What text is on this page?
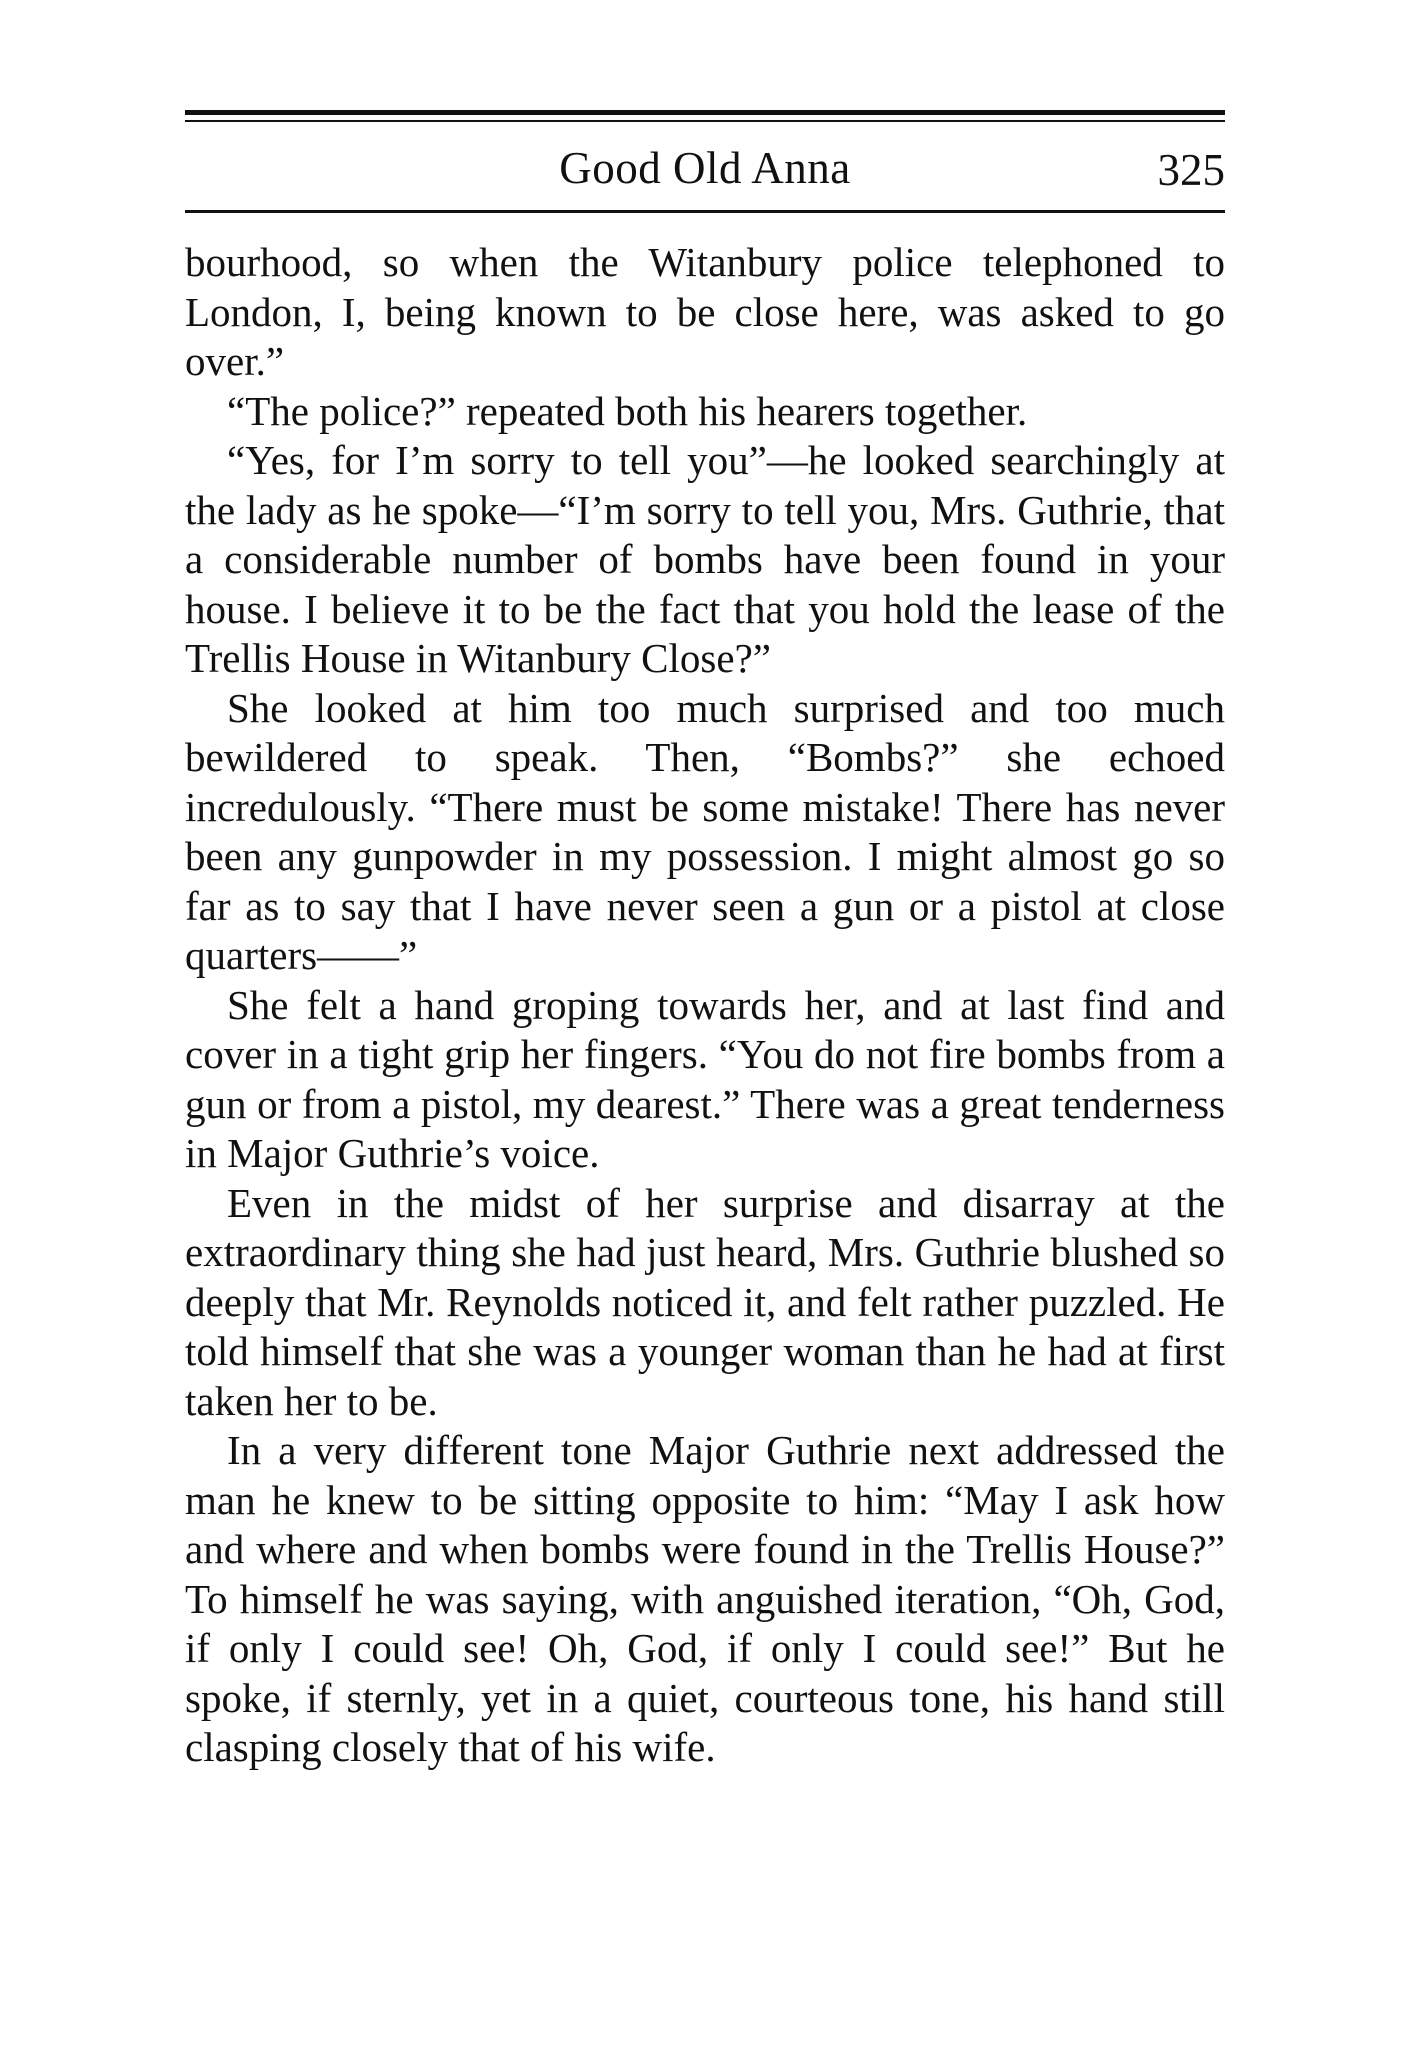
Good Old Anna	325

bourhood, so when the Witanbury police telephoned to London, I, being known to be close here, was asked to go over.”

“The police?” repeated both his hearers together.

“Yes, for I’m sorry to tell you”—he looked searchingly at the lady as he spoke—“I’m sorry to tell you, Mrs. Guthrie, that a considerable number of bombs have been found in your house. I believe it to be the fact that you hold the lease of the Trellis House in Witanbury Close?”

She looked at him too much surprised and too much bewildered to speak. Then, “Bombs?” she echoed incredulously. “There must be some mistake! There has never been any gunpowder in my possession. I might almost go so far as to say that I have never seen a gun or a pistol at close quarters——”

She felt a hand groping towards her, and at last find and cover in a tight grip her fingers. “You do not fire bombs from a gun or from a pistol, my dearest.” There was a great tenderness in Major Guthrie’s voice.

Even in the midst of her surprise and disarray at the extraordinary thing she had just heard, Mrs. Guthrie blushed so deeply that Mr. Reynolds noticed it, and felt rather puzzled. He told himself that she was a younger woman than he had at first taken her to be.

In a very different tone Major Guthrie next addressed the man he knew to be sitting opposite to him: “May I ask how and where and when bombs were found in the Trellis House?” To himself he was saying, with anguished iteration, “Oh, God, if only I could see! Oh, God, if only I could see!” But he spoke, if sternly, yet in a quiet, courteous tone, his hand still clasping closely that of his wife.
